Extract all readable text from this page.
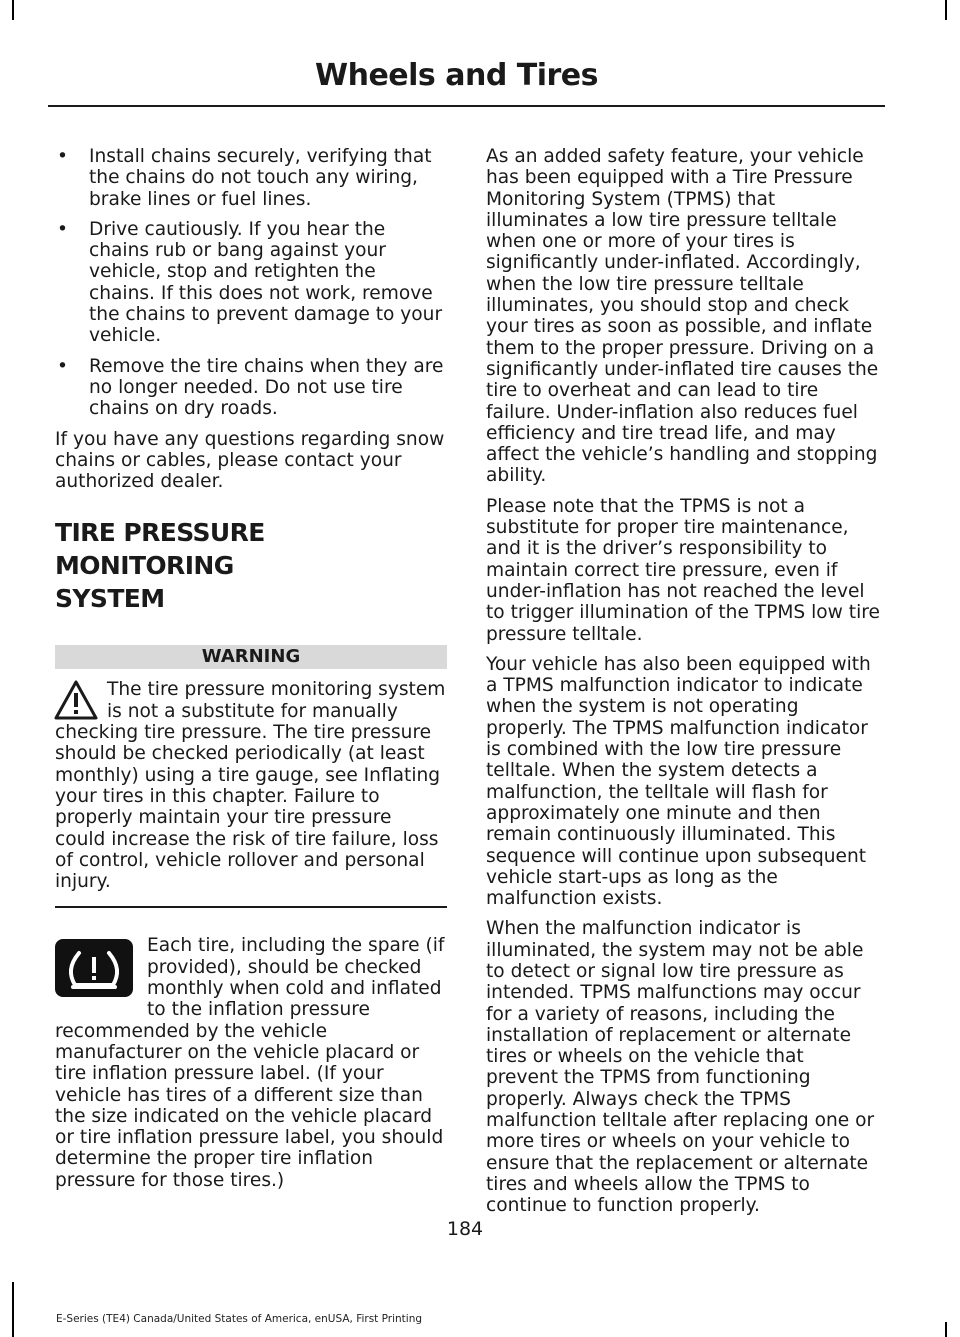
Wheels and Tires
• Install chains securely, verifying that the chains do not touch any wiring, brake lines or fuel lines.
• Drive cautiously. If you hear the chains rub or bang against your vehicle, stop and retighten the chains. If this does not work, remove the chains to prevent damage to your vehicle.
• Remove the tire chains when they are no longer needed. Do not use tire chains on dry roads.

If you have any questions regarding snow chains or cables, please contact your authorized dealer.

TIRE PRESSURE MONITORING
SYSTEM
WARNING

The tire pressure monitoring system is not a substitute for manually checking tire pressure. The tire pressure should be checked periodically (at least monthly) using a tire gauge, see Inflating your tires in this chapter. Failure to properly maintain your tire pressure could increase the risk of tire failure, loss of control, vehicle rollover and personal injury.

Each tire, including the spare (if provided), should be checked monthly when cold and inflated to the inflation pressure recommended by the vehicle manufacturer on the vehicle placard or tire inflation pressure label. (If your vehicle has tires of a different size than the size indicated on the vehicle placard or tire inflation pressure label, you should determine the proper tire inflation pressure for those tires.)

As an added safety feature, your vehicle has been equipped with a Tire Pressure Monitoring System (TPMS) that illuminates a low tire pressure telltale when one or more of your tires is significantly under-inflated. Accordingly, when the low tire pressure telltale illuminates, you should stop and check your tires as soon as possible, and inflate them to the proper pressure. Driving on a significantly under-inflated tire causes the tire to overheat and can lead to tire failure. Under-inflation also reduces fuel efficiency and tire tread life, and may affect the vehicle’s handling and stopping ability.

Please note that the TPMS is not a substitute for proper tire maintenance, and it is the driver’s responsibility to maintain correct tire pressure, even if under-inflation has not reached the level to trigger illumination of the TPMS low tire pressure telltale.

Your vehicle has also been equipped with a TPMS malfunction indicator to indicate when the system is not operating properly. The TPMS malfunction indicator is combined with the low tire pressure telltale. When the system detects a malfunction, the telltale will flash for approximately one minute and then remain continuously illuminated. This sequence will continue upon subsequent vehicle start-ups as long as the malfunction exists.

When the malfunction indicator is illuminated, the system may not be able to detect or signal low tire pressure as intended. TPMS malfunctions may occur for a variety of reasons, including the installation of replacement or alternate tires or wheels on the vehicle that prevent the TPMS from functioning properly. Always check the TPMS malfunction telltale after replacing one or more tires or wheels on your vehicle to ensure that the replacement or alternate tires and wheels allow the TPMS to continue to function properly.

184
E-Series (TE4) Canada/United States of America, enUSA, First Printing
